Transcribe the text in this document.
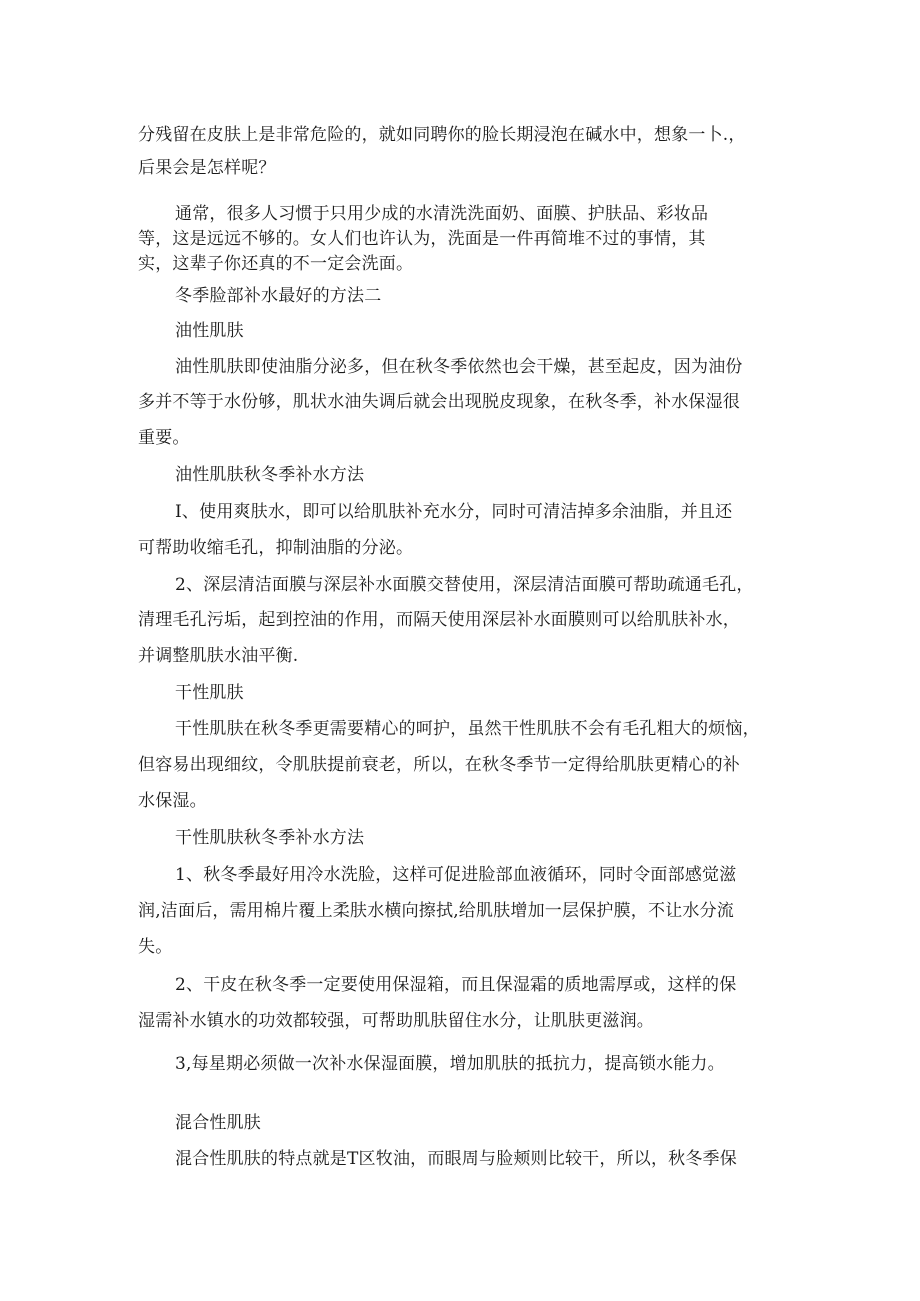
分残留在皮肤上是非常危险的，就如同聘你的脸长期浸泡在碱水中，想象一卜.，
后果会是怎样呢？
通常，很多人习惯于只用少成的水清洗洗面奶、面膜、护肤品、彩妆品
等，这是远远不够的。女人们也许认为，洗面是一件再简堆不过的事情，其
实，这辈子你还真的不一定会洗面。
冬季脸部补水最好的方法二
油性肌肤
油性肌肤即使油脂分泌多，但在秋冬季依然也会干燥，甚至起皮，因为油份
多并不等于水份够，肌状水油失调后就会出现脱皮现象，在秋冬季，补水保湿很
重要。
油性肌肤秋冬季补水方法
I、使用爽肤水，即可以给肌肤补充水分，同时可清洁掉多余油脂，并且还
可帮助收缩毛孔，抑制油脂的分泌。
2、深层清洁面膜与深层补水面膜交替使用，深层清洁面膜可帮助疏通毛孔，
清理毛孔污垢，起到控油的作用，而隔天使用深层补水面膜则可以给肌肤补水，
并调整肌肤水油平衡.
干性肌肤
干性肌肤在秋冬季更需要精心的呵护，虽然干性肌肤不会有毛孔粗大的烦恼，
但容易出现细纹，令肌肤提前衰老，所以，在秋冬季节一定得给肌肤更精心的补
水保湿。
干性肌肤秋冬季补水方法
1、秋冬季最好用冷水洗脸，这样可促进脸部血液循环，同时令面部感觉滋
润,洁面后，需用棉片覆上柔肤水横向擦拭,给肌肤增加一层保护膜，不让水分流
失。
2、干皮在秋冬季一定要使用保湿箱，而且保湿霜的质地需厚或，这样的保
湿需补水镇水的功效都较强，可帮助肌肤留住水分，让肌肤更滋润。
3,每星期必须做一次补水保湿面膜，增加肌肤的抵抗力，提高锁水能力。
混合性肌肤
混合性肌肤的特点就是T区牧油，而眼周与脸颊则比较干，所以，秋冬季保
